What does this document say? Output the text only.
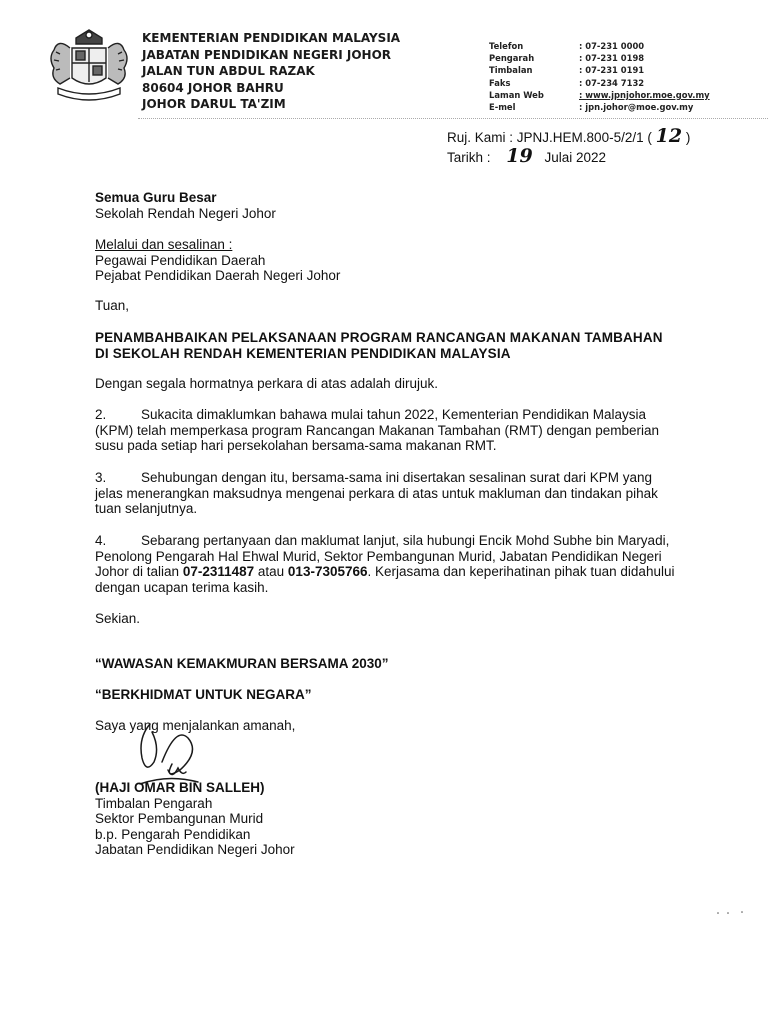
KEMENTERIAN PENDIDIKAN MALAYSIA
JABATAN PENDIDIKAN NEGERI JOHOR
JALAN TUN ABDUL RAZAK
80604 JOHOR BAHRU
JOHOR DARUL TA'ZIM
Telefon	: 07-231 0000
Pengarah	: 07-231 0198
Timbalan	: 07-231 0191
Faks	: 07-234 7132
Laman Web	: www.jpnjohor.moe.gov.my
E-mel	: jpn.johor@moe.gov.my
Ruj. Kami : JPNJ.HEM.800-5/2/1 ( 12 )
Tarikh : 19 Julai 2022
Semua Guru Besar
Sekolah Rendah Negeri Johor
Melalui dan sesalinan :
Pegawai Pendidikan Daerah
Pejabat Pendidikan Daerah Negeri Johor
Tuan,
PENAMBAHBAIKAN PELAKSANAAN PROGRAM RANCANGAN MAKANAN TAMBAHAN
DI SEKOLAH RENDAH KEMENTERIAN PENDIDIKAN MALAYSIA
Dengan segala hormatnya perkara di atas adalah dirujuk.
2.	Sukacita dimaklumkan bahawa mulai tahun 2022, Kementerian Pendidikan Malaysia
(KPM) telah memperkasa program Rancangan Makanan Tambahan (RMT) dengan pemberian
susu pada setiap hari persekolahan bersama-sama makanan RMT.
3.	Sehubungan dengan itu, bersama-sama ini disertakan sesalinan surat dari KPM yang
jelas menerangkan maksudnya mengenai perkara di atas untuk makluman dan tindakan pihak
tuan selanjutnya.
4.	Sebarang pertanyaan dan maklumat lanjut, sila hubungi Encik Mohd Subhe bin Maryadi,
Penolong Pengarah Hal Ehwal Murid, Sektor Pembangunan Murid, Jabatan Pendidikan Negeri
Johor di talian 07-2311487 atau 013-7305766. Kerjasama dan keperihatinan pihak tuan didahului
dengan ucapan terima kasih.
Sekian.
“WAWASAN KEMAKMURAN BERSAMA 2030”
“BERKHIDMAT UNTUK NEGARA”
Saya yang menjalankan amanah,
(HAJI OMAR BIN SALLEH)
Timbalan Pengarah
Sektor Pembangunan Murid
b.p. Pengarah Pendidikan
Jabatan Pendidikan Negeri Johor
